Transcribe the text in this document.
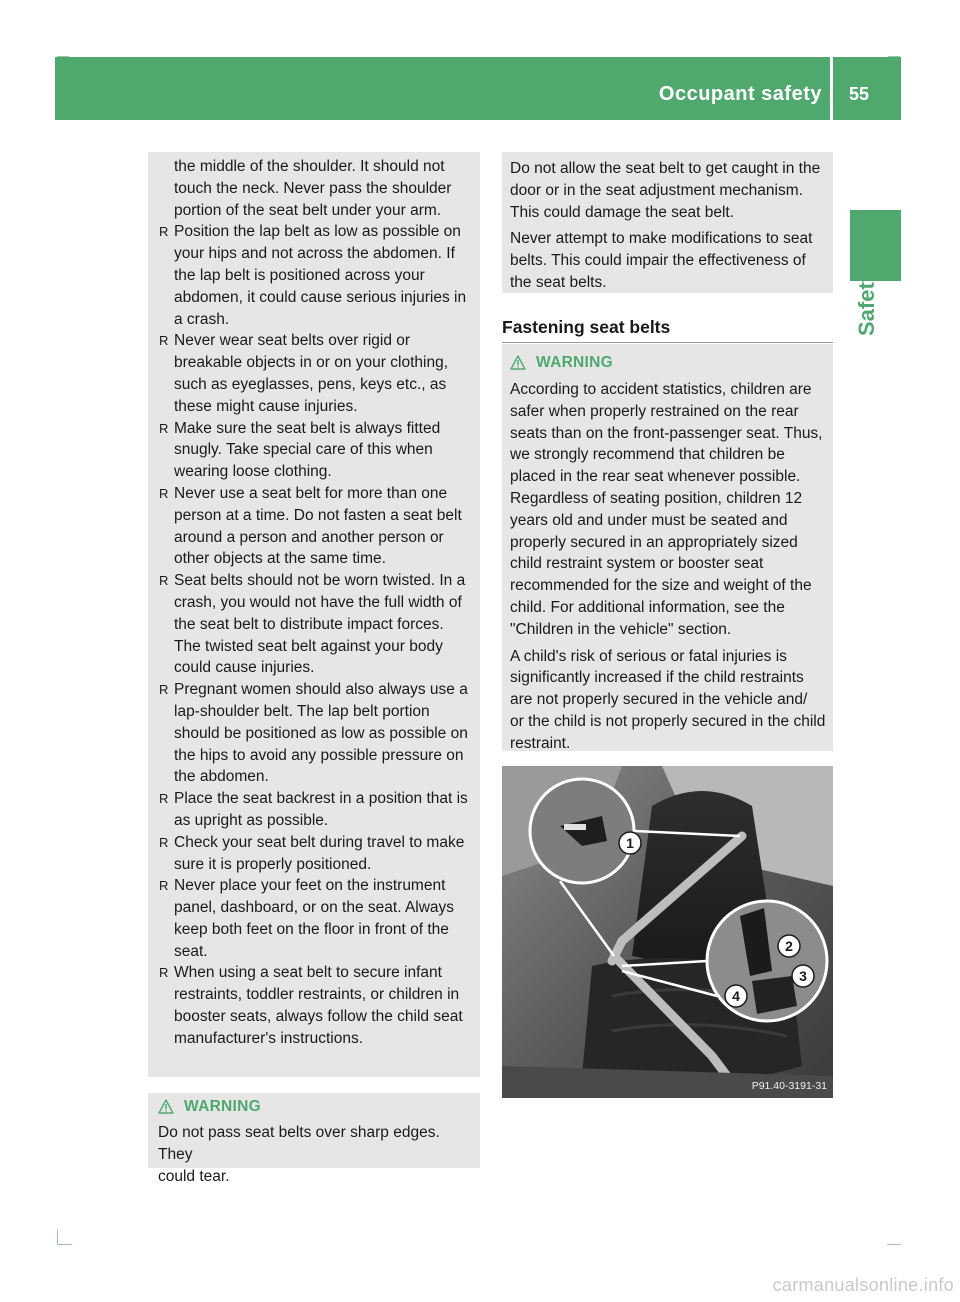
Occupant safety 55
Safety
the middle of the shoulder. It should not
touch the neck. Never pass the shoulder
portion of the seat belt under your arm.
R Position the lap belt as low as possible on
your hips and not across the abdomen. If
the lap belt is positioned across your
abdomen, it could cause serious injuries in
a crash.
R Never wear seat belts over rigid or
breakable objects in or on your clothing,
such as eyeglasses, pens, keys etc., as
these might cause injuries.
R Make sure the seat belt is always fitted
snugly. Take special care of this when
wearing loose clothing.
R Never use a seat belt for more than one
person at a time. Do not fasten a seat belt
around a person and another person or
other objects at the same time.
R Seat belts should not be worn twisted. In a
crash, you would not have the full width of
the seat belt to distribute impact forces.
The twisted seat belt against your body
could cause injuries.
R Pregnant women should also always use a
lap-shoulder belt. The lap belt portion
should be positioned as low as possible on
the hips to avoid any possible pressure on
the abdomen.
R Place the seat backrest in a position that is
as upright as possible.
R Check your seat belt during travel to make
sure it is properly positioned.
R Never place your feet on the instrument
panel, dashboard, or on the seat. Always
keep both feet on the floor in front of the
seat.
R When using a seat belt to secure infant
restraints, toddler restraints, or children in
booster seats, always follow the child seat
manufacturer's instructions.
WARNING
Do not pass seat belts over sharp edges. They
could tear.
Do not allow the seat belt to get caught in the
door or in the seat adjustment mechanism.
This could damage the seat belt.
Never attempt to make modifications to seat
belts. This could impair the effectiveness of
the seat belts.
Fastening seat belts
WARNING
According to accident statistics, children are
safer when properly restrained on the rear
seats than on the front-passenger seat. Thus,
we strongly recommend that children be
placed in the rear seat whenever possible.
Regardless of seating position, children 12
years old and under must be seated and
properly secured in an appropriately sized
child restraint system or booster seat
recommended for the size and weight of the
child. For additional information, see the
"Children in the vehicle" section.
A child's risk of serious or fatal injuries is
significantly increased if the child restraints
are not properly secured in the vehicle and/
or the child is not properly secured in the child
restraint.
1
2
3
4
P91.40-3191-31
carmanualsonline.info
